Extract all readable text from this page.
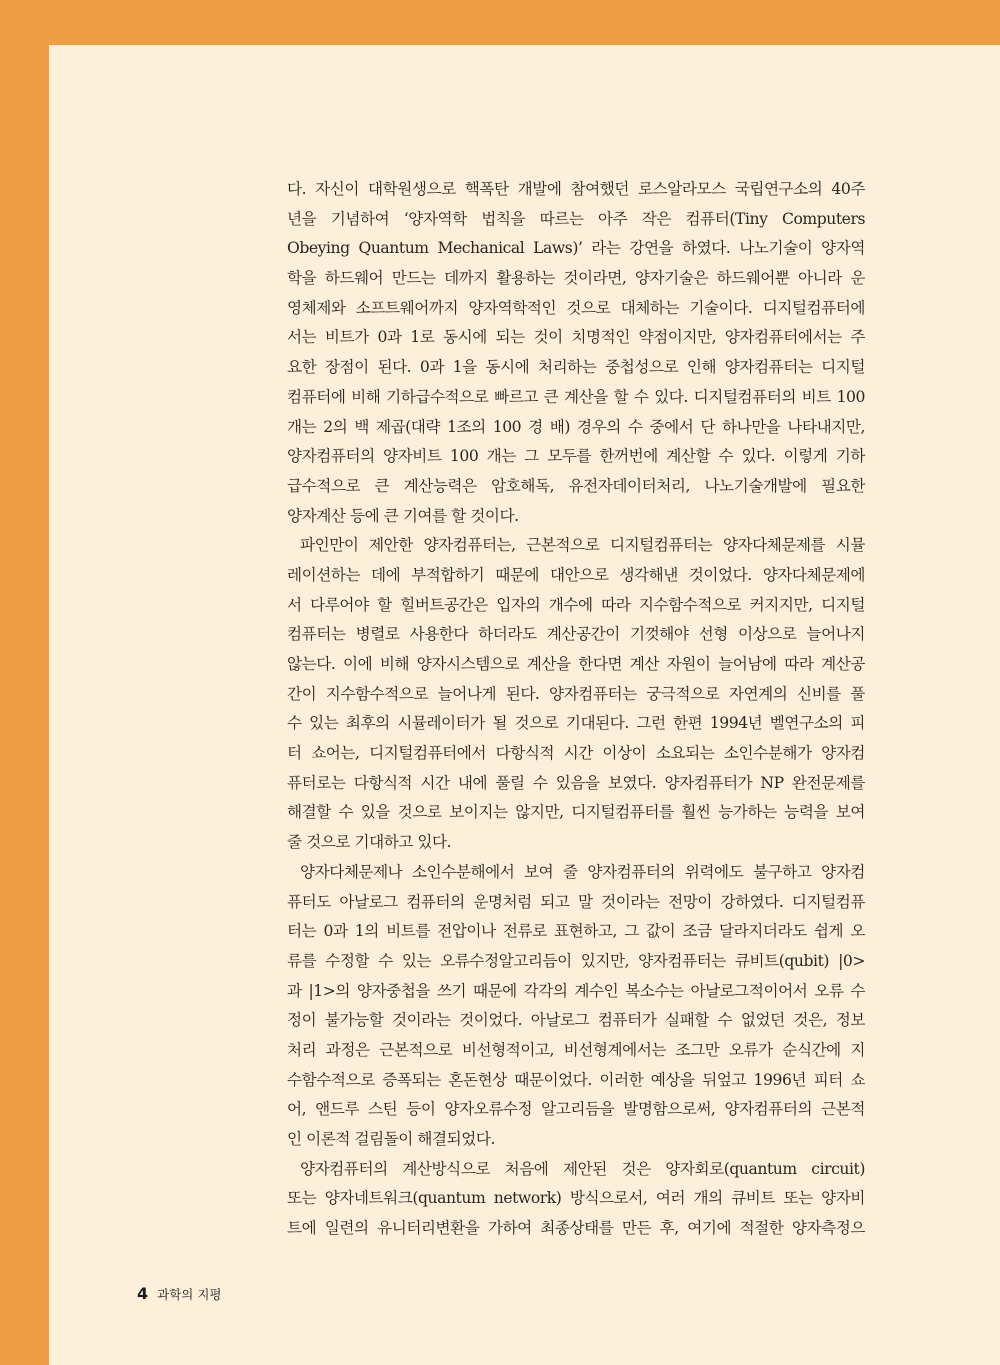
다. 자신이 대학원생으로 핵폭탄 개발에 참여했던 로스알라모스 국립연구소의 40주
년을 기념하여 ‘양자역학 법칙을 따르는 아주 작은 컴퓨터(Tiny Computers
Obeying Quantum Mechanical Laws)’ 라는 강연을 하였다. 나노기술이 양자역
학을 하드웨어 만드는 데까지 활용하는 것이라면, 양자기술은 하드웨어뿐 아니라 운
영체제와 소프트웨어까지 양자역학적인 것으로 대체하는 기술이다. 디지털컴퓨터에
서는 비트가 0과 1로 동시에 되는 것이 치명적인 약점이지만, 양자컴퓨터에서는 주
요한 장점이 된다. 0과 1을 동시에 처리하는 중첩성으로 인해 양자컴퓨터는 디지털
컴퓨터에 비해 기하급수적으로 빠르고 큰 계산을 할 수 있다. 디지털컴퓨터의 비트 100
개는 2의 백 제곱(대략 1조의 100 경 배) 경우의 수 중에서 단 하나만을 나타내지만,
양자컴퓨터의 양자비트 100 개는 그 모두를 한꺼번에 계산할 수 있다. 이렇게 기하
급수적으로 큰 계산능력은 암호해독, 유전자데이터처리, 나노기술개발에 필요한
양자계산 등에 큰 기여를 할 것이다.
파인만이 제안한 양자컴퓨터는, 근본적으로 디지털컴퓨터는 양자다체문제를 시뮬
레이션하는 데에 부적합하기 때문에 대안으로 생각해낸 것이었다. 양자다체문제에
서 다루어야 할 힐버트공간은 입자의 개수에 따라 지수함수적으로 커지지만, 디지털
컴퓨터는 병렬로 사용한다 하더라도 계산공간이 기껏해야 선형 이상으로 늘어나지
않는다. 이에 비해 양자시스템으로 계산을 한다면 계산 자원이 늘어남에 따라 계산공
간이 지수함수적으로 늘어나게 된다. 양자컴퓨터는 궁극적으로 자연계의 신비를 풀
수 있는 최후의 시뮬레이터가 될 것으로 기대된다. 그런 한편 1994년 벨연구소의 피
터 쇼어는, 디지털컴퓨터에서 다항식적 시간 이상이 소요되는 소인수분해가 양자컴
퓨터로는 다항식적 시간 내에 풀릴 수 있음을 보였다. 양자컴퓨터가 NP 완전문제를
해결할 수 있을 것으로 보이지는 않지만, 디지털컴퓨터를 훨씬 능가하는 능력을 보여
줄 것으로 기대하고 있다.
양자다체문제나 소인수분해에서 보여 줄 양자컴퓨터의 위력에도 불구하고 양자컴
퓨터도 아날로그 컴퓨터의 운명처럼 되고 말 것이라는 전망이 강하였다. 디지털컴퓨
터는 0과 1의 비트를 전압이나 전류로 표현하고, 그 값이 조금 달라지더라도 쉽게 오
류를 수정할 수 있는 오류수정알고리듬이 있지만, 양자컴퓨터는 큐비트(qubit) |0>
과 |1>의 양자중첩을 쓰기 때문에 각각의 계수인 복소수는 아날로그적이어서 오류 수
정이 불가능할 것이라는 것이었다. 아날로그 컴퓨터가 실패할 수 없었던 것은, 정보
처리 과정은 근본적으로 비선형적이고, 비선형계에서는 조그만 오류가 순식간에 지
수함수적으로 증폭되는 혼돈현상 때문이었다. 이러한 예상을 뒤엎고 1996년 피터 쇼
어, 앤드루 스틴 등이 양자오류수정 알고리듬을 발명함으로써, 양자컴퓨터의 근본적
인 이론적 걸림돌이 해결되었다.
양자컴퓨터의 계산방식으로 처음에 제안된 것은 양자회로(quantum circuit)
또는 양자네트워크(quantum network) 방식으로서, 여러 개의 큐비트 또는 양자비
트에 일련의 유니터리변환을 가하여 최종상태를 만든 후, 여기에 적절한 양자측정으
4 과학의 지평
